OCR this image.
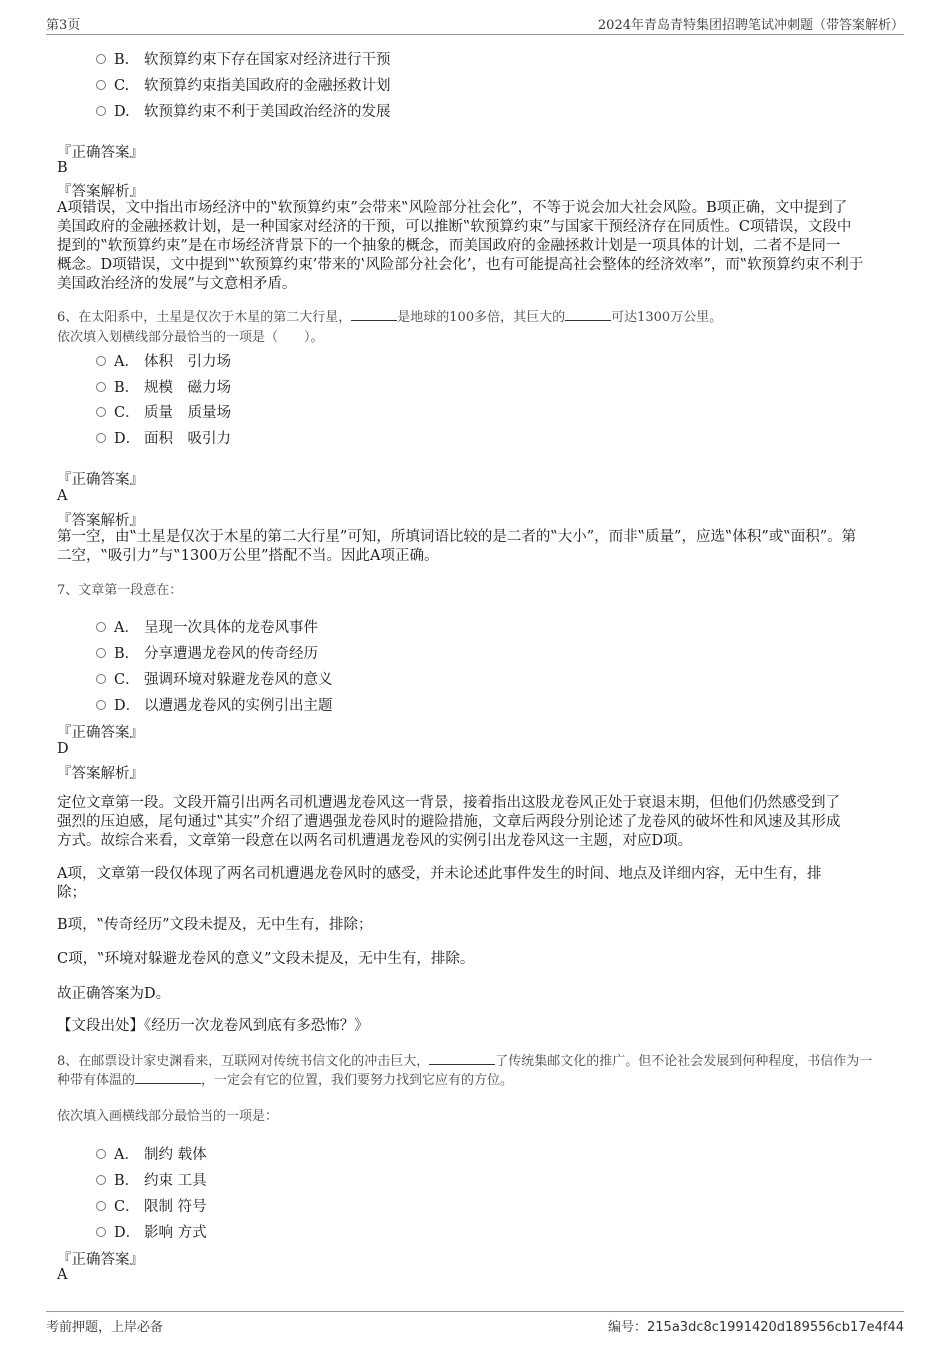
第3页	2024年青岛青特集团招聘笔试冲刺题（带答案解析）
B. 软预算约束下存在国家对经济进行干预
C. 软预算约束指美国政府的金融拯救计划
D. 软预算约束不利于美国政治经济的发展
『正确答案』
B
『答案解析』
A项错误，文中指出市场经济中的‟软预算约束”会带来‟风险部分社会化”，不等于说会加大社会风险。B项正确，文中提到了
美国政府的金融拯救计划，是一种国家对经济的干预，可以推断‟软预算约束”与国家干预经济存在同质性。C项错误，文段中
提到的‟软预算约束”是在市场经济背景下的一个抽象的概念，而美国政府的金融拯救计划是一项具体的计划，二者不是同一
概念。D项错误，文中提到‟‛软预算约束’带来的‛风险部分社会化’，也有可能提高社会整体的经济效率”，而‟软预算约束不利于
美国政治经济的发展”与文意相矛盾。
6、在太阳系中，土星是仅次于木星的第二大行星，	是地球的100多倍，其巨大的	可达1300万公里。
依次填入划横线部分最恰当的一项是（　　）。
A． 体积　引力场
B． 规模　磁力场
C． 质量　质量场
D． 面积　吸引力
『正确答案』
A
『答案解析』
第一空，由‟土星是仅次于木星的第二大行星”可知，所填词语比较的是二者的‟大小”，而非‟质量”，应选‟体积”或‟面积”。第
二空，‟吸引力”与‟1300万公里”搭配不当。因此A项正确。
7、文章第一段意在：
A． 呈现一次具体的龙卷风事件
B． 分享遭遇龙卷风的传奇经历
C． 强调环境对躲避龙卷风的意义
D． 以遭遇龙卷风的实例引出主题
『正确答案』
D
『答案解析』
定位文章第一段。文段开篇引出两名司机遭遇龙卷风这一背景，接着指出这股龙卷风正处于衰退末期，但他们仍然感受到了
强烈的压迫感，尾句通过‟其实”介绍了遭遇强龙卷风时的避险措施，文章后两段分别论述了龙卷风的破坏性和风速及其形成
方式。故综合来看，文章第一段意在以两名司机遭遇龙卷风的实例引出龙卷风这一主题，对应D项。
A项，文章第一段仅体现了两名司机遭遇龙卷风时的感受，并未论述此事件发生的时间、地点及详细内容，无中生有，排
除；
B项，‟传奇经历”文段未提及，无中生有，排除；
C项，‟环境对躲避龙卷风的意义”文段未提及，无中生有，排除。
故正确答案为D。
【文段出处】《经历一次龙卷风到底有多恐怖？》
8、在邮票设计家史渊看来，互联网对传统书信文化的冲击巨大，	了传统集邮文化的推广。但不论社会发展到何种程度，书信作为一
种带有体温的	，一定会有它的位置，我们要努力找到它应有的方位。
依次填入画横线部分最恰当的一项是：
A． 制约 载体
B． 约束 工具
C． 限制 符号
D． 影响 方式
『正确答案』
A
考前押题，上岸必备	编号：215a3dc8c1991420d189556cb17e4f44
